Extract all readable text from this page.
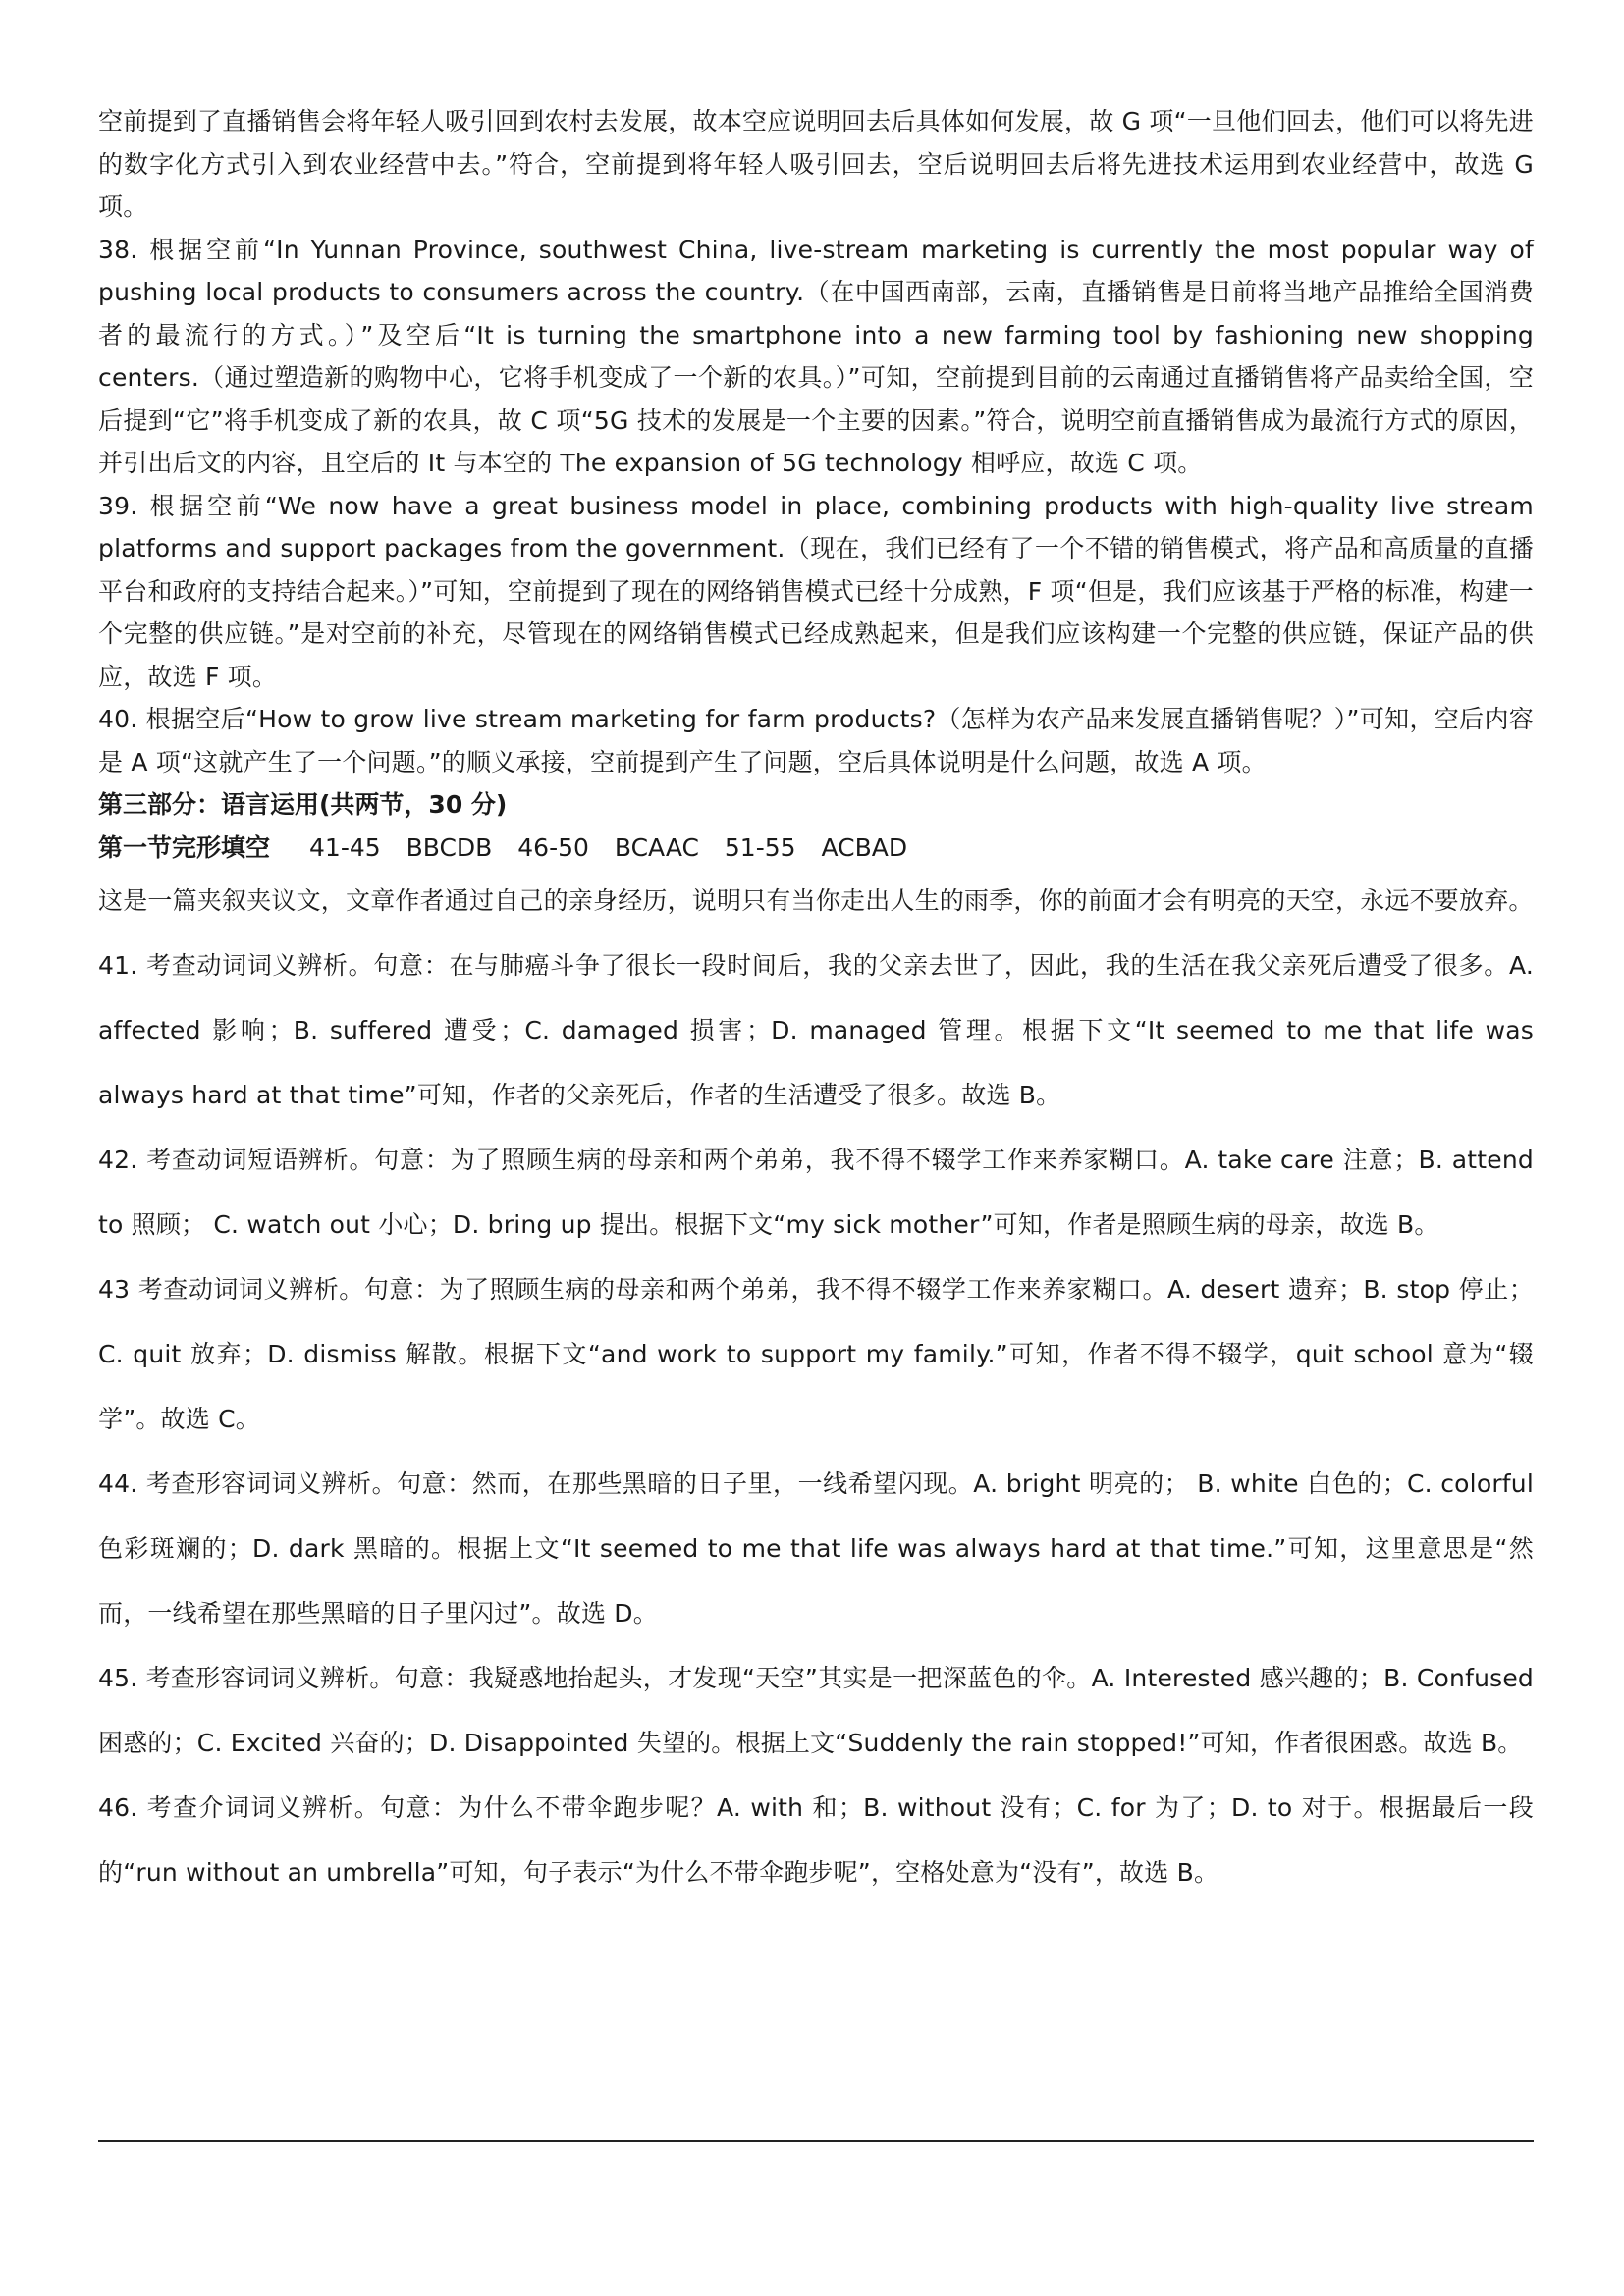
空前提到了直播销售会将年轻人吸引回到农村去发展，故本空应说明回去后具体如何发展，故 G 项“一旦他们回去，他们可以将先进的数字化方式引入到农业经营中去。”符合，空前提到将年轻人吸引回去，空后说明回去后将先进技术运用到农业经营中，故选 G 项。

38. 根据空前“In Yunnan Province, southwest China, live-stream marketing is currently the most popular way of pushing local products to consumers across the country.（在中国西南部，云南，直播销售是目前将当地产品推给全国消费者的最流行的方式。）”及空后“It is turning the smartphone into a new farming tool by fashioning new shopping centers.（通过塑造新的购物中心，它将手机变成了一个新的农具。）”可知，空前提到目前的云南通过直播销售将产品卖给全国，空后提到“它”将手机变成了新的农具，故 C 项“5G 技术的发展是一个主要的因素。”符合，说明空前直播销售成为最流行方式的原因，并引出后文的内容，且空后的 It 与本空的 The expansion of 5G technology 相呼应，故选 C 项。

39. 根据空前“We now have a great business model in place, combining products with high-quality live stream platforms and support packages from the government.（现在，我们已经有了一个不错的销售模式，将产品和高质量的直播平台和政府的支持结合起来。）”可知，空前提到了现在的网络销售模式已经十分成熟，F 项“但是，我们应该基于严格的标准，构建一个完整的供应链。”是对空前的补充，尽管现在的网络销售模式已经成熟起来，但是我们应该构建一个完整的供应链，保证产品的供应，故选 F 项。

40. 根据空后“How to grow live stream marketing for farm products?（怎样为农产品来发展直播销售呢？）”可知，空后内容是 A 项“这就产生了一个问题。”的顺义承接，空前提到产生了问题，空后具体说明是什么问题，故选 A 项。

第三部分：语言运用(共两节，30 分)

第一节完形填空 41-45 BBCDB 46-50 BCAAC 51-55 ACBAD

这是一篇夹叙夹议文，文章作者通过自己的亲身经历，说明只有当你走出人生的雨季，你的前面才会有明亮的天空，永远不要放弃。

41. 考查动词词义辨析。句意：在与肺癌斗争了很长一段时间后，我的父亲去世了，因此，我的生活在我父亲死后遭受了很多。A. affected 影响；B. suffered 遭受；C. damaged 损害；D. managed 管理。根据下文“It seemed to me that life was always hard at that time”可知，作者的父亲死后，作者的生活遭受了很多。故选 B。

42. 考查动词短语辨析。句意：为了照顾生病的母亲和两个弟弟，我不得不辍学工作来养家糊口。A. take care 注意；B. attend to 照顾； C. watch out 小心；D. bring up 提出。根据下文“my sick mother”可知，作者是照顾生病的母亲，故选 B。

43 考查动词词义辨析。句意：为了照顾生病的母亲和两个弟弟，我不得不辍学工作来养家糊口。A. desert 遗弃；B. stop 停止；C. quit 放弃；D. dismiss 解散。根据下文“and work to support my family.”可知，作者不得不辍学，quit school 意为“辍学”。故选 C。

44. 考查形容词词义辨析。句意：然而，在那些黑暗的日子里，一线希望闪现。A. bright 明亮的； B. white 白色的；C. colorful 色彩斑斓的；D. dark 黑暗的。根据上文“It seemed to me that life was always hard at that time.”可知，这里意思是“然而，一线希望在那些黑暗的日子里闪过”。故选 D。

45. 考查形容词词义辨析。句意：我疑惑地抬起头，才发现“天空”其实是一把深蓝色的伞。A. Interested 感兴趣的；B. Confused 困惑的；C. Excited 兴奋的；D. Disappointed 失望的。根据上文“Suddenly the rain stopped!”可知，作者很困惑。故选 B。

46. 考查介词词义辨析。句意：为什么不带伞跑步呢？A. with 和；B. without 没有；C. for 为了；D. to 对于。根据最后一段的“run without an umbrella”可知，句子表示“为什么不带伞跑步呢”，空格处意为“没有”，故选 B。
